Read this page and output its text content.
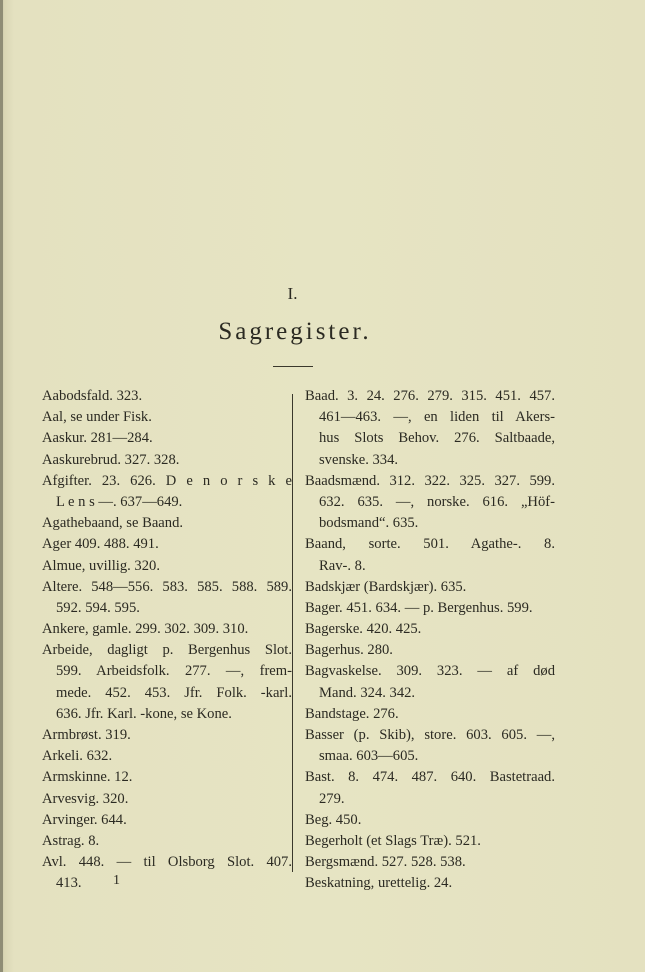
I.
Sagregister.
Aabodsfald. 323.
Aal, se under Fisk.
Aaskur. 281—284.
Aaskurebrud. 327. 328.
Afgifter. 23. 626. D e n o r s k e
L e n s —. 637—649.
Agathebaand, se Baand.
Ager 409. 488. 491.
Almue, uvillig. 320.
Altere. 548—556. 583. 585. 588. 589.
592. 594. 595.
Ankere, gamle. 299. 302. 309. 310.
Arbeide, dagligt p. Bergenhus Slot.
599. Arbeidsfolk. 277. —, frem-
mede. 452. 453. Jfr. Folk. -karl.
636. Jfr. Karl. -kone, se Kone.
Armbrøst. 319.
Arkeli. 632.
Armskinne. 12.
Arvesvig. 320.
Arvinger. 644.
Astrag. 8.
Avl. 448. — til Olsborg Slot. 407.
413.
Baad. 3. 24. 276. 279. 315. 451. 457.
461—463. —, en liden til Akers-
hus Slots Behov. 276. Saltbaade,
svenske. 334.
Baadsmænd. 312. 322. 325. 327. 599.
632. 635. —, norske. 616. „Höf-
bodsmand“. 635.
Baand, sorte. 501. Agathe-. 8.
Rav-. 8.
Badskjær (Bardskjær). 635.
Bager. 451. 634. — p. Bergenhus. 599.
Bagerske. 420. 425.
Bagerhus. 280.
Bagvaskelse. 309. 323. — af død
Mand. 324. 342.
Bandstage. 276.
Basser (p. Skib), store. 603. 605. —,
smaa. 603—605.
Bast. 8. 474. 487. 640. Bastetraad.
279.
Beg. 450.
Begerholt (et Slags Træ). 521.
Bergsmænd. 527. 528. 538.
Beskatning, urettelig. 24.
1
